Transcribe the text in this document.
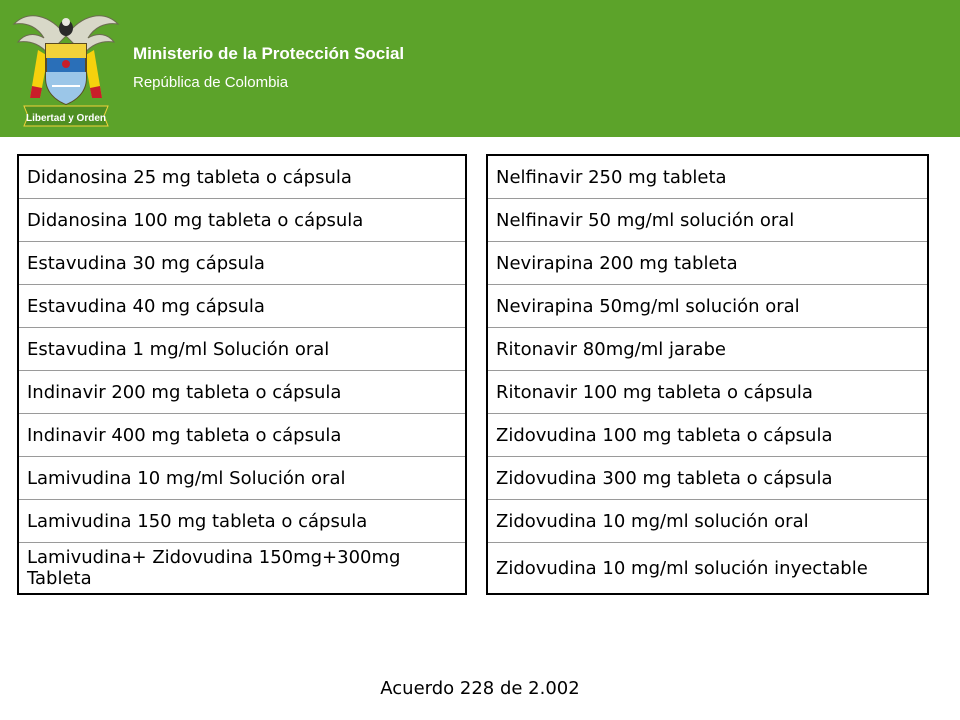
Libertad y Orden
Ministerio de la Protección Social
República de Colombia
Didanosina 25 mg tableta o cápsula
Didanosina 100 mg tableta o cápsula
Estavudina 30 mg cápsula
Estavudina 40 mg cápsula
Estavudina 1 mg/ml Solución oral
Indinavir 200 mg tableta o cápsula
Indinavir 400 mg tableta o cápsula
Lamivudina 10 mg/ml Solución oral
Lamivudina 150 mg tableta o cápsula
Lamivudina+ Zidovudina 150mg+300mg Tableta
Nelfinavir 250 mg tableta
Nelfinavir 50 mg/ml solución oral
Nevirapina 200 mg tableta
Nevirapina 50mg/ml solución oral
Ritonavir 80mg/ml jarabe
Ritonavir 100 mg tableta o cápsula
Zidovudina 100 mg tableta o cápsula
Zidovudina 300 mg tableta o cápsula
Zidovudina 10 mg/ml solución oral
Zidovudina 10 mg/ml solución inyectable
Acuerdo 228 de 2.002
